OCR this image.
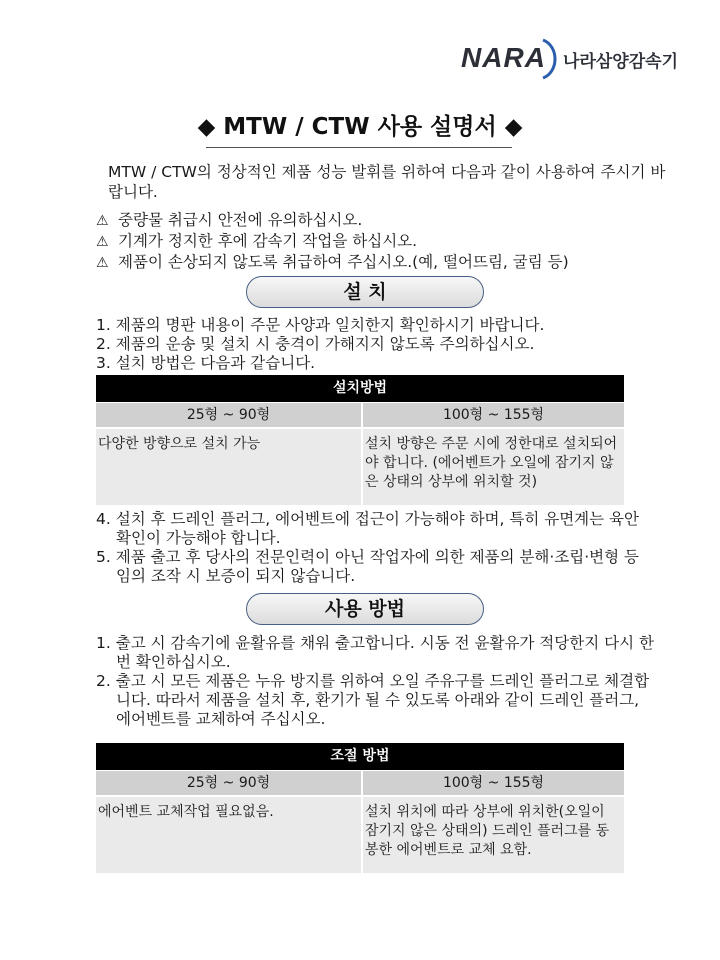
NARA 나라삼양감속기
◆ MTW / CTW 사용 설명서 ◆
MTW / CTW의 정상적인 제품 성능 발휘를 위하여 다음과 같이 사용하여 주시기 바랍니다.
⚠ 중량물 취급시 안전에 유의하십시오.
⚠ 기계가 정지한 후에 감속기 작업을 하십시오.
⚠ 제품이 손상되지 않도록 취급하여 주십시오.(예, 떨어뜨림, 굴림 등)
설 치
1. 제품의 명판 내용이 주문 사양과 일치한지 확인하시기 바랍니다.
2. 제품의 운송 및 설치 시 충격이 가해지지 않도록 주의하십시오.
3. 설치 방법은 다음과 같습니다.
설치방법
25형 ~ 90형	100형 ~ 155형
다양한 방향으로 설치 가능	설치 방향은 주문 시에 정한대로 설치되어야 합니다. (에어벤트가 오일에 잠기지 않은 상태의 상부에 위치할 것)
4. 설치 후 드레인 플러그, 에어벤트에 접근이 가능해야 하며, 특히 유면계는 육안 확인이 가능해야 합니다.
5. 제품 출고 후 당사의 전문인력이 아닌 작업자에 의한 제품의 분해·조립·변형 등 임의 조작 시 보증이 되지 않습니다.
사용 방법
1. 출고 시 감속기에 윤활유를 채워 출고합니다. 시동 전 윤활유가 적당한지 다시 한 번 확인하십시오.
2. 출고 시 모든 제품은 누유 방지를 위하여 오일 주유구를 드레인 플러그로 체결합니다. 따라서 제품을 설치 후, 환기가 될 수 있도록 아래와 같이 드레인 플러그, 에어벤트를 교체하여 주십시오.
조절 방법
25형 ~ 90형	100형 ~ 155형
에어벤트 교체작업 필요없음.	설치 위치에 따라 상부에 위치한(오일이 잠기지 않은 상태의) 드레인 플러그를 동봉한 에어벤트로 교체 요함.
